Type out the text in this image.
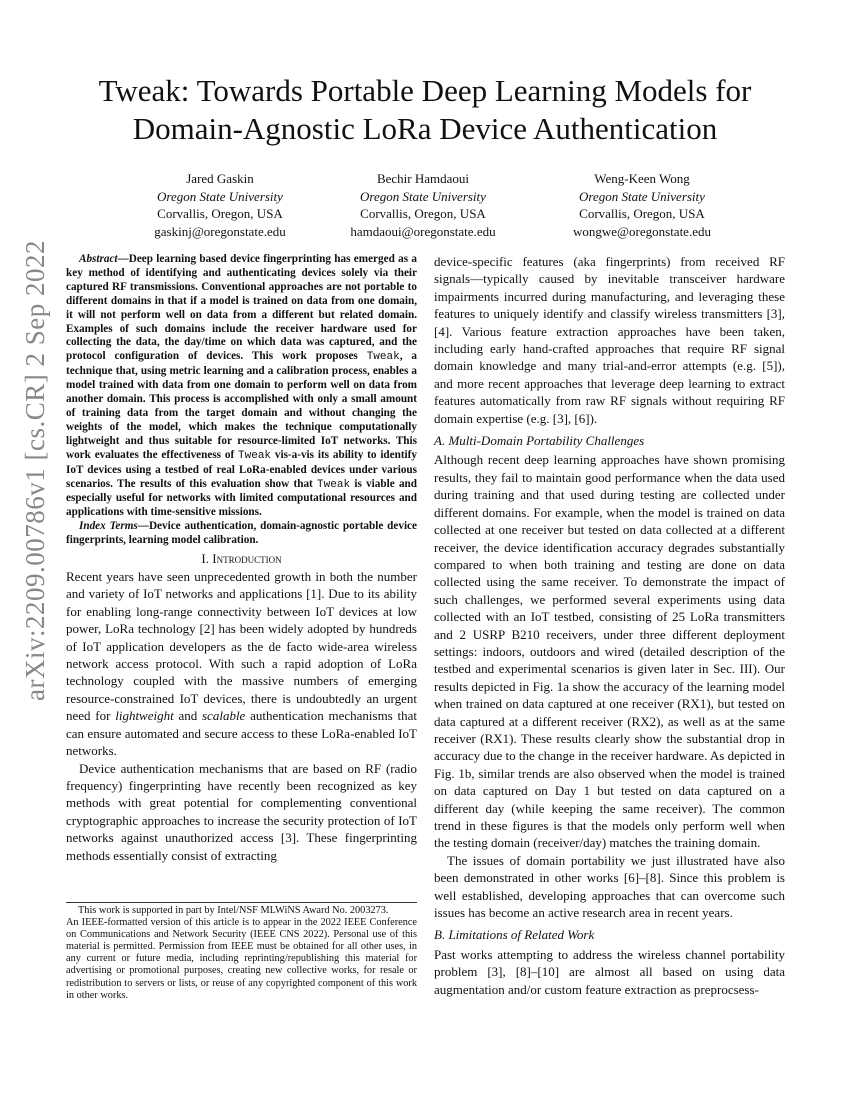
arXiv:2209.00786v1 [cs.CR] 2 Sep 2022
Tweak: Towards Portable Deep Learning Models for
Domain-Agnostic LoRa Device Authentication
Jared Gaskin
Oregon State University
Corvallis, Oregon, USA
gaskinj@oregonstate.edu
Bechir Hamdaoui
Oregon State University
Corvallis, Oregon, USA
hamdaoui@oregonstate.edu
Weng-Keen Wong
Oregon State University
Corvallis, Oregon, USA
wongwe@oregonstate.edu

Abstract—Deep learning based device fingerprinting has emerged as a key method of identifying and authenticating devices solely via their captured RF transmissions. Conventional approaches are not portable to different domains in that if a model is trained on data from one domain, it will not perform well on data from a different but related domain. Examples of such domains include the receiver hardware used for collecting the data, the day/time on which data was captured, and the protocol configuration of devices. This work proposes Tweak, a technique that, using metric learning and a calibration process, enables a model trained with data from one domain to perform well on data from another domain. This process is accomplished with only a small amount of training data from the target domain and without changing the weights of the model, which makes the technique computationally lightweight and thus suitable for resource-limited IoT networks. This work evaluates the effectiveness of Tweak vis-a-vis its ability to identify IoT devices using a testbed of real LoRa-enabled devices under various scenarios. The results of this evaluation show that Tweak is viable and especially useful for networks with limited computational resources and applications with time-sensitive missions.

Index Terms—Device authentication, domain-agnostic portable device fingerprints, learning model calibration.

I. Introduction

Recent years have seen unprecedented growth in both the number and variety of IoT networks and applications [1]. Due to its ability for enabling long-range connectivity between IoT devices at low power, LoRa technology [2] has been widely adopted by hundreds of IoT application developers as the de facto wide-area wireless network access protocol. With such a rapid adoption of LoRa technology coupled with the massive numbers of emerging resource-constrained IoT devices, there is undoubtedly an urgent need for lightweight and scalable authentication mechanisms that can ensure automated and secure access to these LoRa-enabled IoT networks.

Device authentication mechanisms that are based on RF (radio frequency) fingerprinting have recently been recognized as key methods with great potential for complementing conventional cryptographic approaches to increase the security protection of IoT networks against unauthorized access [3]. These fingerprinting methods essentially consist of extracting

This work is supported in part by Intel/NSF MLWiNS Award No. 2003273.

An IEEE-formatted version of this article is to appear in the 2022 IEEE Conference on Communications and Network Security (IEEE CNS 2022). Personal use of this material is permitted. Permission from IEEE must be obtained for all other uses, in any current or future media, including reprinting/republishing this material for advertising or promotional purposes, creating new collective works, for resale or redistribution to servers or lists, or reuse of any copyrighted component of this work in other works.

device-specific features (aka fingerprints) from received RF signals—typically caused by inevitable transceiver hardware impairments incurred during manufacturing, and leveraging these features to uniquely identify and classify wireless transmitters [3], [4]. Various feature extraction approaches have been taken, including early hand-crafted approaches that require RF signal domain knowledge and many trial-and-error attempts (e.g. [5]), and more recent approaches that leverage deep learning to extract features automatically from raw RF signals without requiring RF domain expertise (e.g. [3], [6]).

A. Multi-Domain Portability Challenges

Although recent deep learning approaches have shown promising results, they fail to maintain good performance when the data used during training and that used during testing are collected under different domains. For example, when the model is trained on data collected at one receiver but tested on data collected at a different receiver, the device identification accuracy degrades substantially compared to when both training and testing are done on data collected using the same receiver. To demonstrate the impact of such challenges, we performed several experiments using data collected with an IoT testbed, consisting of 25 LoRa transmitters and 2 USRP B210 receivers, under three different deployment settings: indoors, outdoors and wired (detailed description of the testbed and experimental scenarios is given later in Sec. III). Our results depicted in Fig. 1a show the accuracy of the learning model when trained on data captured at one receiver (RX1), but tested on data captured at a different receiver (RX2), as well as at the same receiver (RX1). These results clearly show the substantial drop in accuracy due to the change in the receiver hardware. As depicted in Fig. 1b, similar trends are also observed when the model is trained on data captured on Day 1 but tested on data captured on a different day (while keeping the same receiver). The common trend in these figures is that the models only perform well when the testing domain (receiver/day) matches the training domain.

The issues of domain portability we just illustrated have also been demonstrated in other works [6]–[8]. Since this problem is well established, developing approaches that can overcome such issues has become an active research area in recent years.

B. Limitations of Related Work

Past works attempting to address the wireless channel portability problem [3], [8]–[10] are almost all based on using data augmentation and/or custom feature extraction as preprocsess-
